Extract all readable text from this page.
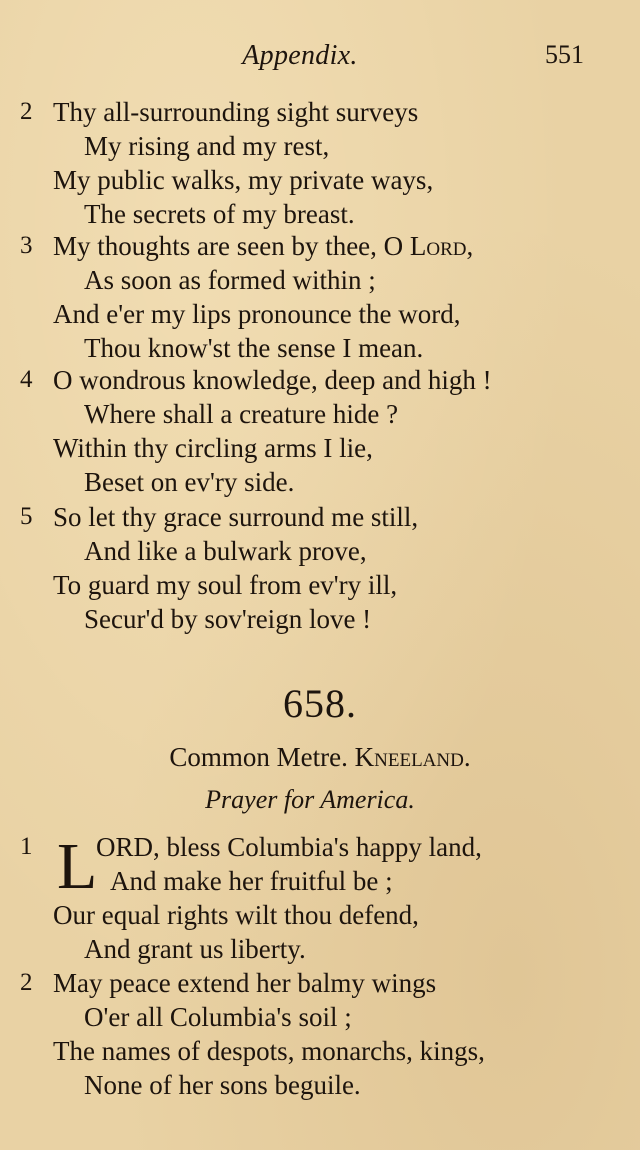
Appendix.	551
2 Thy all-surrounding sight surveys
My rising and my rest,
My public walks, my private ways,
The secrets of my breast.
3 My thoughts are seen by thee, O Lord,
As soon as formed within ;
And e'er my lips pronounce the word,
Thou know'st the sense I mean.
4 O wondrous knowledge, deep and high !
Where shall a creature hide ?
Within thy circling arms I lie,
Beset on ev'ry side.
5 So let thy grace surround me still,
And like a bulwark prove,
To guard my soul from ev'ry ill,
Secur'd by sov'reign love !
658.
Common Metre. Kneeland.
Prayer for America.
L
1 ORD, bless Columbia's happy land,
And make her fruitful be ;
Our equal rights wilt thou defend,
And grant us liberty.
2 May peace extend her balmy wings
O'er all Columbia's soil ;
The names of despots, monarchs, kings,
None of her sons beguile.
